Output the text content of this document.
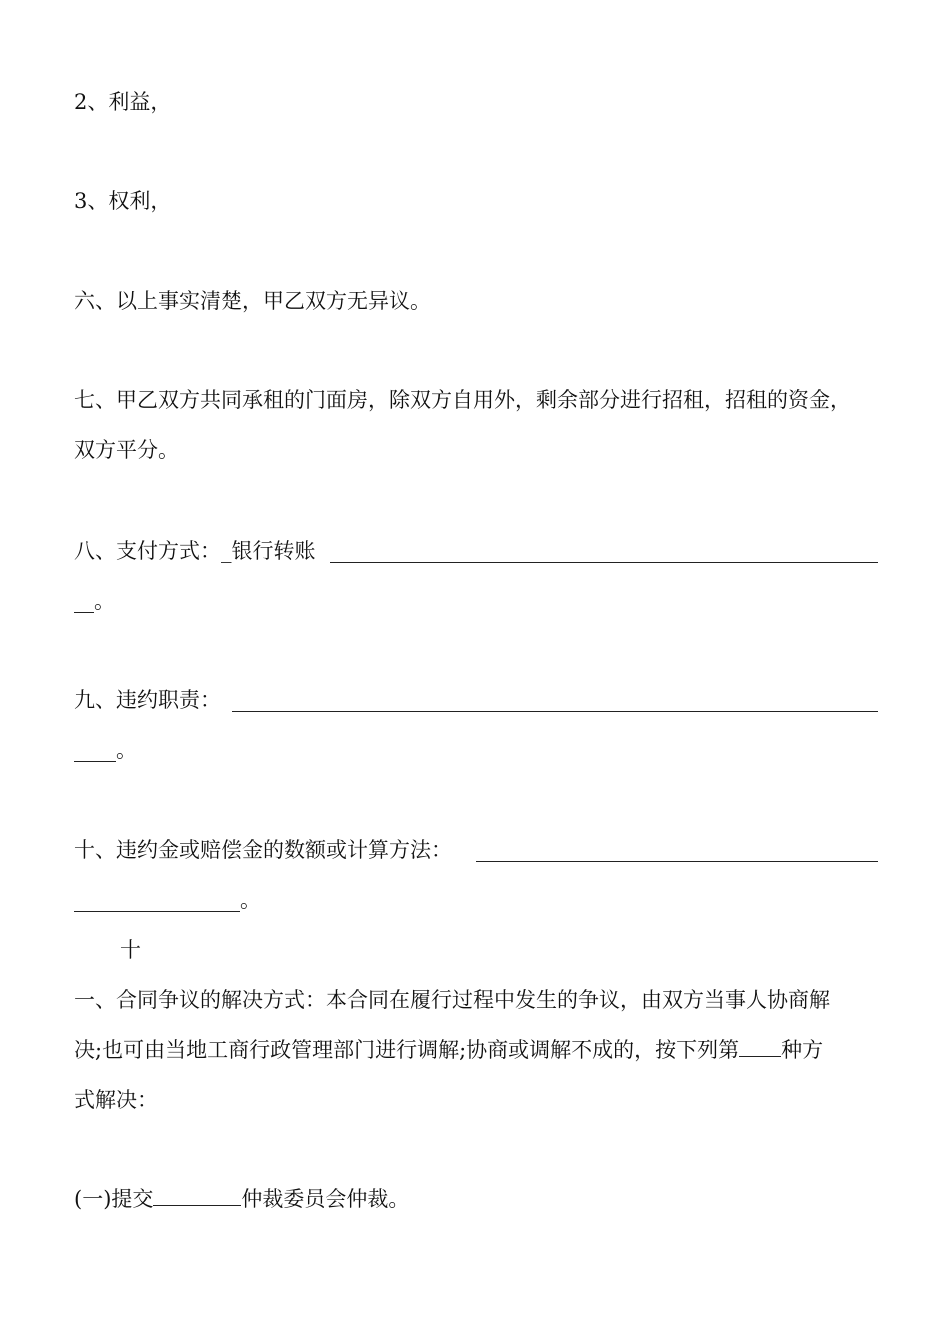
2、利益，
3、权利，
六、以上事实清楚，甲乙双方无异议。
七、甲乙双方共同承租的门面房，除双方自用外，剩余部分进行招租，招租的资金，
双方平分。
八、支付方式：_银行转账
。
九、违约职责：
。
十、违约金或赔偿金的数额或计算方法：
。
十
一、合同争议的解决方式：本合同在履行过程中发生的争议，由双方当事人协商解
决;也可由当地工商行政管理部门进行调解;协商或调解不成的，按下列第 种方
式解决：
(一)提交	仲裁委员会仲裁。
